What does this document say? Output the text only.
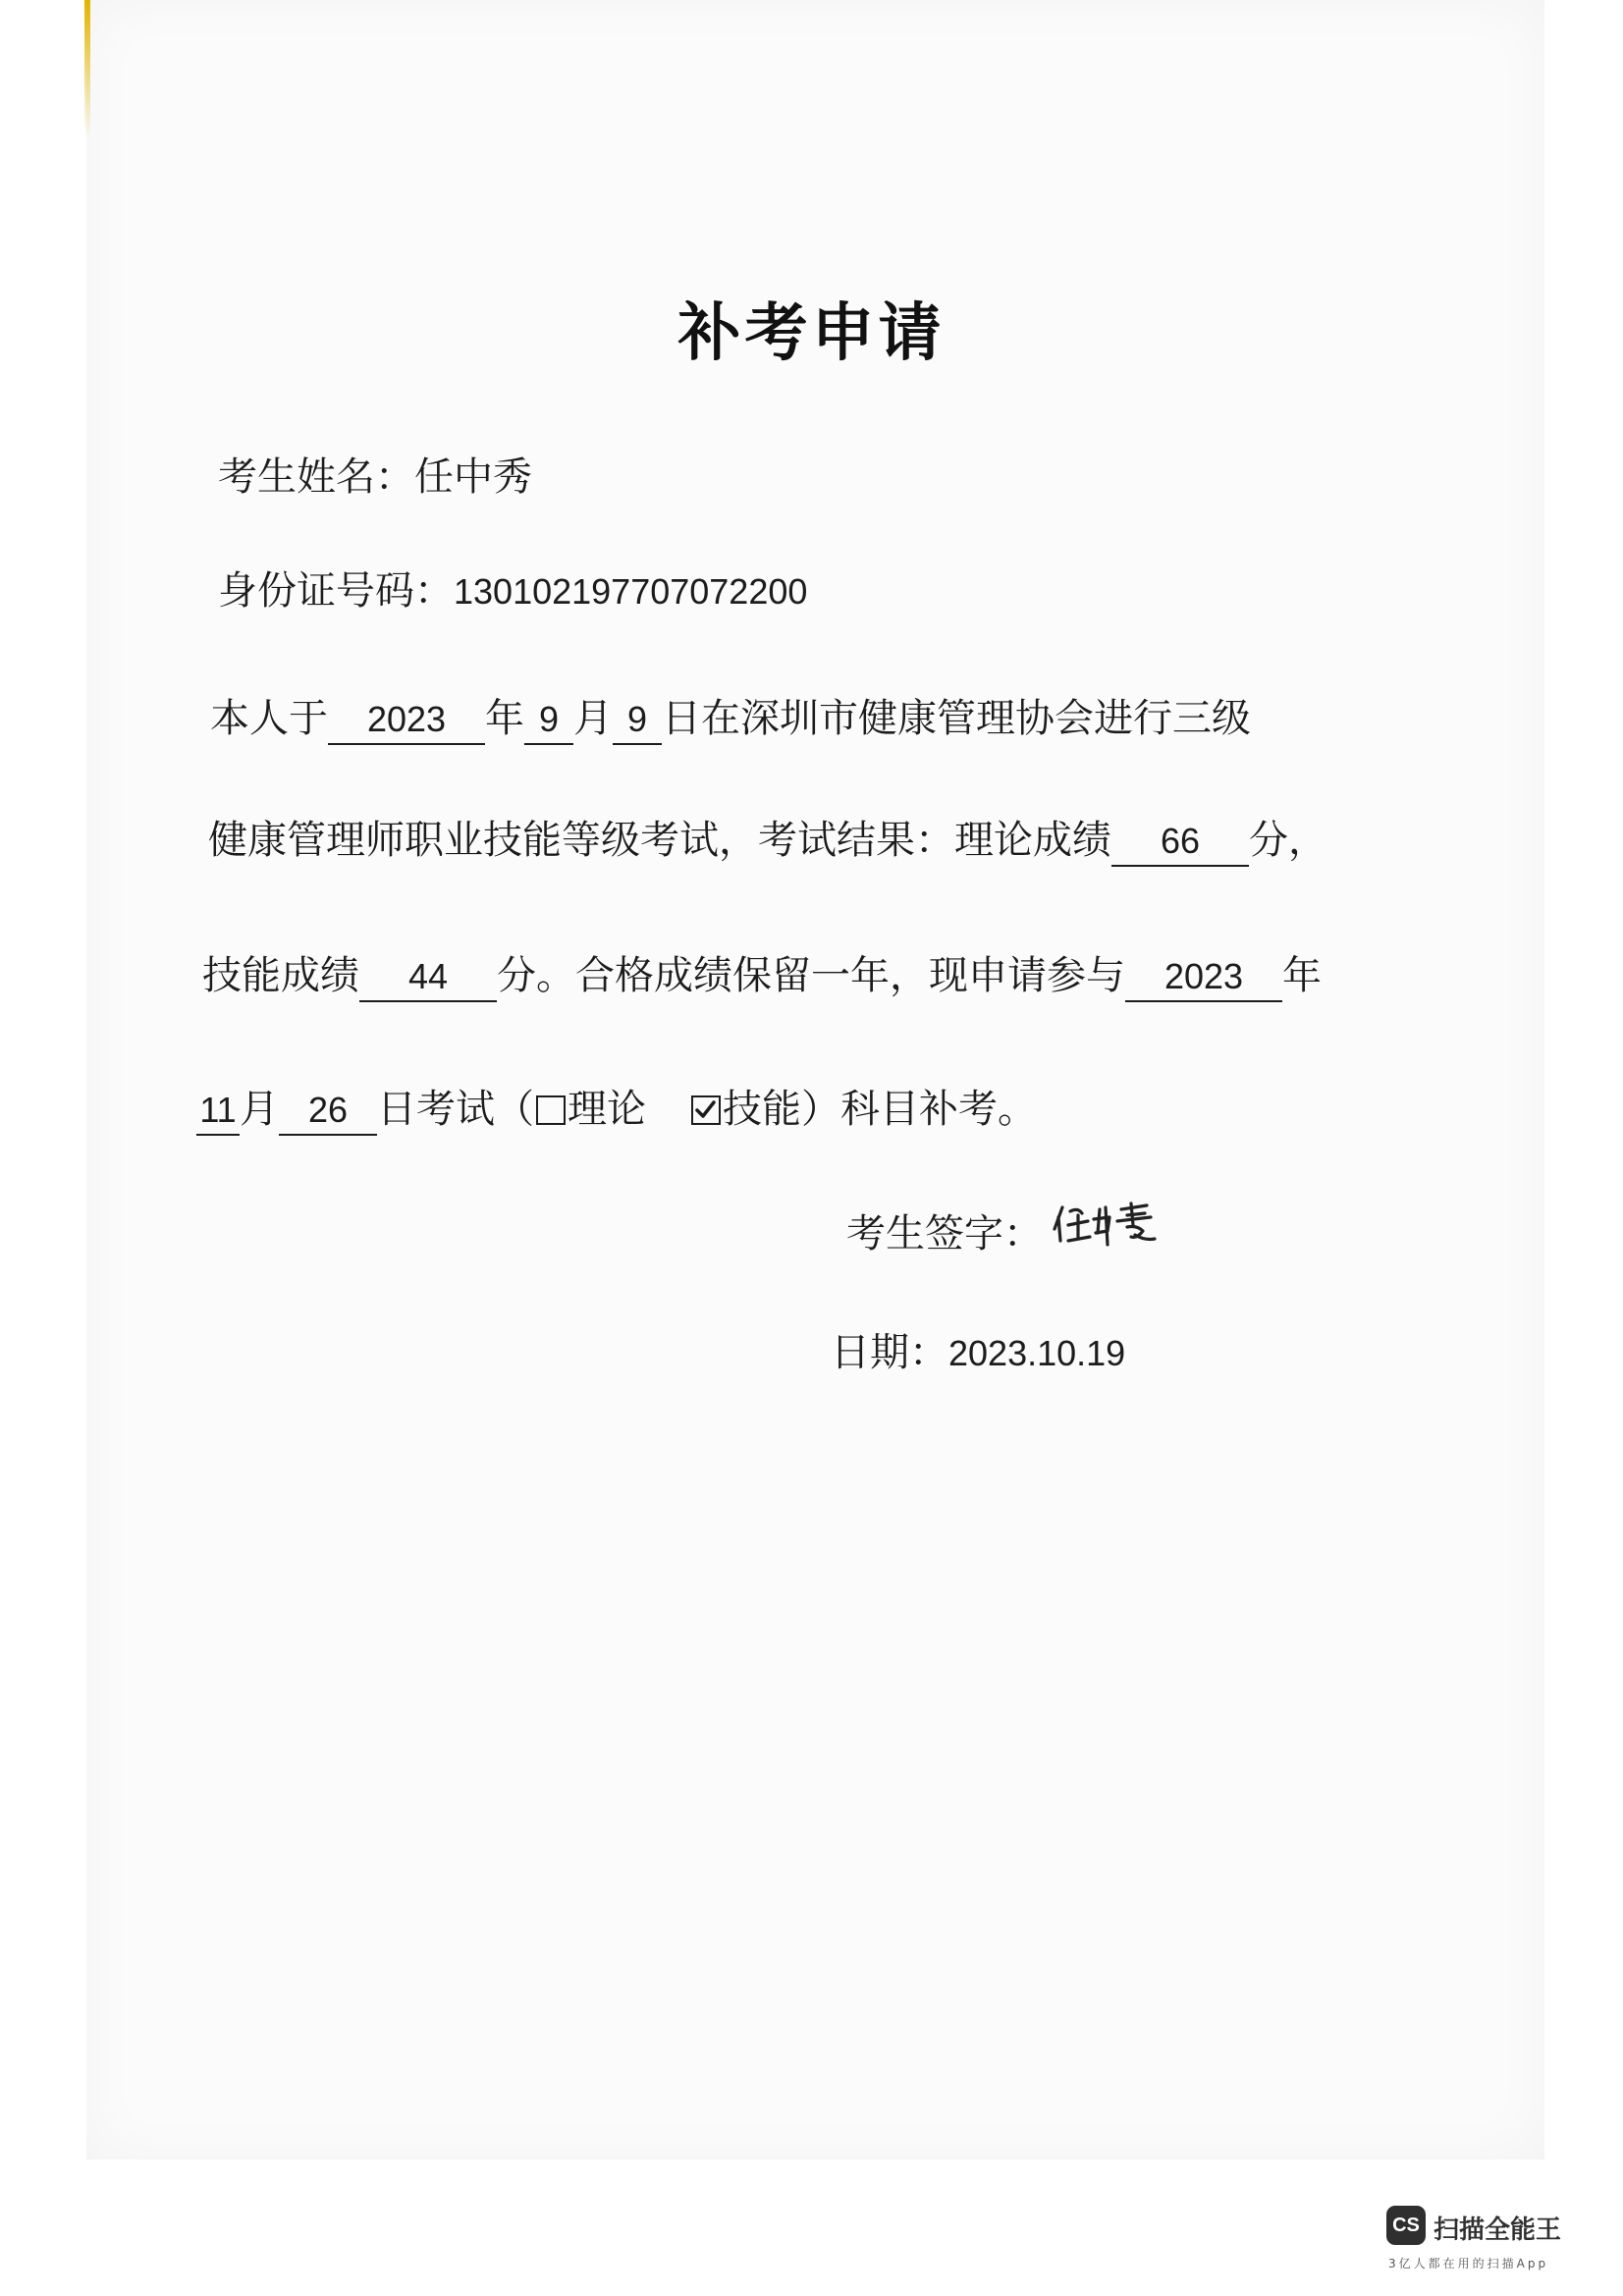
补考申请
考生姓名：任中秀
身份证号码：130102197707072200
本人于 2023 年 9 月 9 日在深圳市健康管理协会进行三级
健康管理师职业技能等级考试，考试结果：理论成绩 66 分，
技能成绩 44 分。合格成绩保留一年，现申请参与 2023 年
11月 26 日考试（ 理论 技能）科目补考。
考生签字：
日期：2023.10.19
CS 扫描全能王
3亿人都在用的扫描App
